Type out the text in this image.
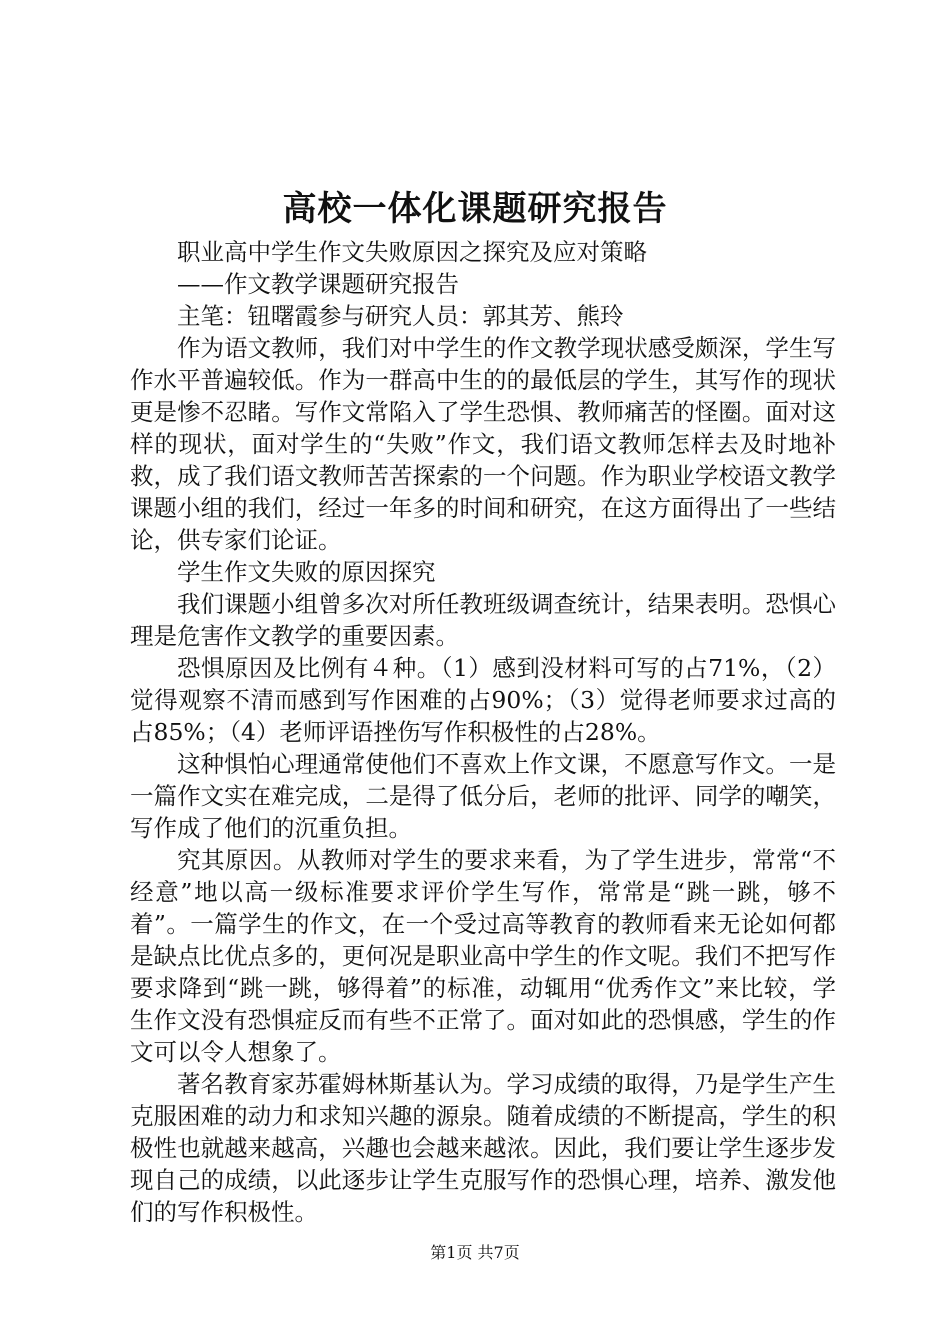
高校一体化课题研究报告

职业高中学生作文失败原因之探究及应对策略

——作文教学课题研究报告

主笔：钮曙霞参与研究人员：郭其芳、熊玲

作为语文教师，我们对中学生的作文教学现状感受颇深，学生写作水平普遍较低。作为一群高中生的的最低层的学生，其写作的现状更是惨不忍睹。写作文常陷入了学生恐惧、教师痛苦的怪圈。面对这样的现状，面对学生的“失败”作文，我们语文教师怎样去及时地补救，成了我们语文教师苦苦探索的一个问题。作为职业学校语文教学课题小组的我们，经过一年多的时间和研究，在这方面得出了一些结论，供专家们论证。

学生作文失败的原因探究

我们课题小组曾多次对所任教班级调查统计，结果表明。恐惧心理是危害作文教学的重要因素。

恐惧原因及比例有４种。（1）感到没材料可写的占71%，（2）觉得观察不清而感到写作困难的占90%；（3）觉得老师要求过高的占85%；（4）老师评语挫伤写作积极性的占28%。

这种惧怕心理通常使他们不喜欢上作文课，不愿意写作文。一是一篇作文实在难完成，二是得了低分后，老师的批评、同学的嘲笑，写作成了他们的沉重负担。

究其原因。从教师对学生的要求来看，为了学生进步，常常“不经意”地以高一级标准要求评价学生写作，常常是“跳一跳，够不着”。一篇学生的作文，在一个受过高等教育的教师看来无论如何都是缺点比优点多的，更何况是职业高中学生的作文呢。我们不把写作要求降到“跳一跳，够得着”的标准，动辄用“优秀作文”来比较，学生作文没有恐惧症反而有些不正常了。面对如此的恐惧感，学生的作文可以令人想象了。

著名教育家苏霍姆林斯基认为。学习成绩的取得，乃是学生产生克服困难的动力和求知兴趣的源泉。随着成绩的不断提高，学生的积极性也就越来越高，兴趣也会越来越浓。因此，我们要让学生逐步发现自己的成绩，以此逐步让学生克服写作的恐惧心理，培养、激发他们的写作积极性。

第1页 共7页
